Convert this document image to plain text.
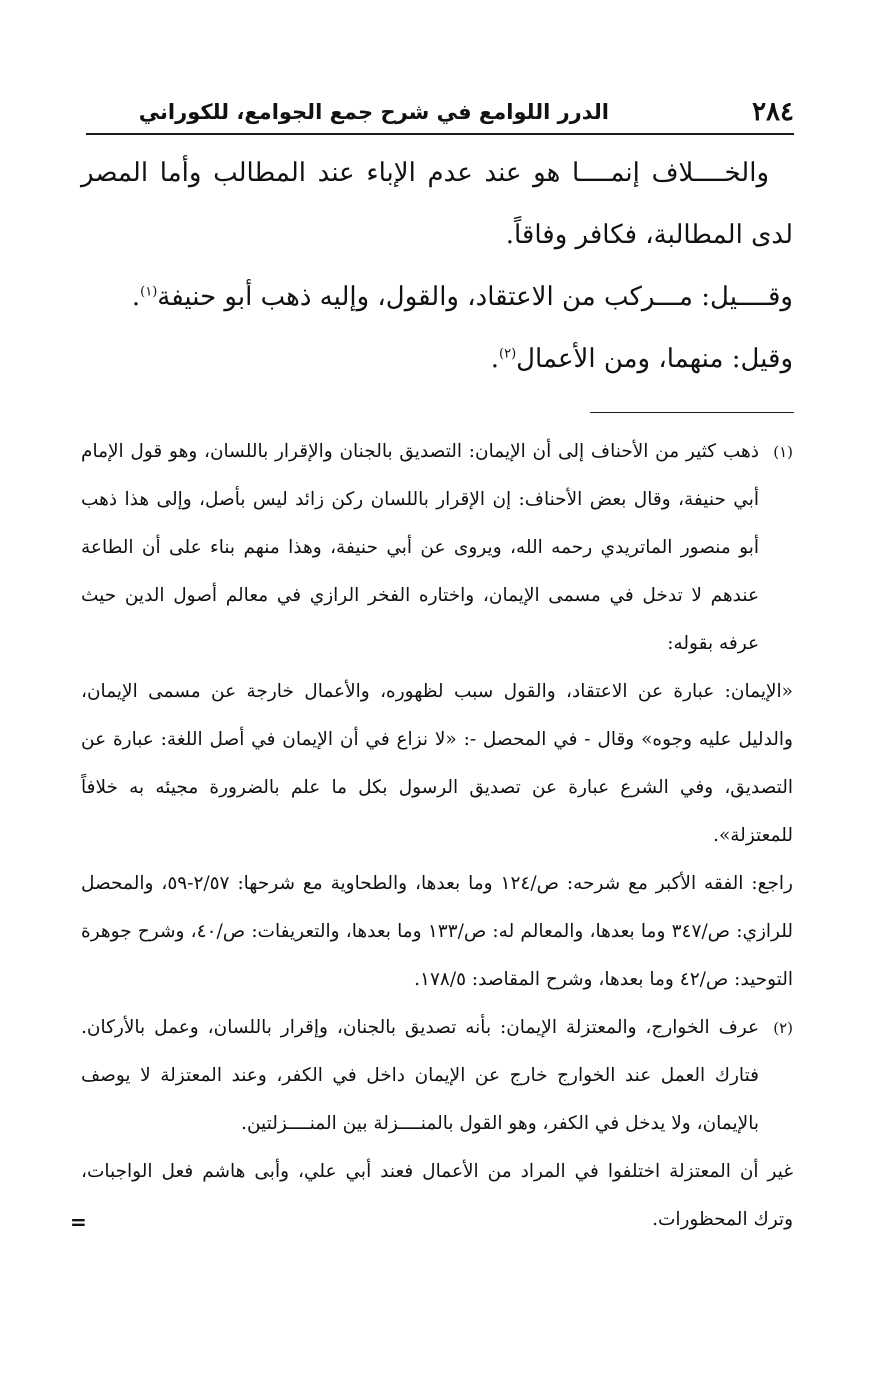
٢٨٤
الدرر اللوامع في شرح جمع الجوامع، للكوراني

والخــــلاف إنمــــا هو عند عدم الإباء عند المطالب وأما المصر لدى المطالبة، فكافر وفاقاً.

وقــــيل: مـــركب من الاعتقاد، والقول، وإليه ذهب أبو حنيفة$^{(١)}$.

وقيل: منهما، ومن الأعمال$^{(٢)}$.

(١)

ذهب كثير من الأحناف إلى أن الإيمان: التصديق بالجنان والإقرار باللسان، وهو قول الإمام أبي حنيفة، وقال بعض الأحناف: إن الإقرار باللسان ركن زائد ليس بأصل، وإلى هذا ذهب أبو منصور الماتريدي رحمه الله، ويروى عن أبي حنيفة، وهذا منهم بناء على أن الطاعة عندهم لا تدخل في مسمى الإيمان، واختاره الفخر الرازي في معالم أصول الدين حيث عرفه بقوله:

«الإيمان: عبارة عن الاعتقاد، والقول سبب لظهوره، والأعمال خارجة عن مسمى الإيمان، والدليل عليه وجوه» وقال - في المحصل -: «لا نزاع في أن الإيمان في أصل اللغة: عبارة عن التصديق، وفي الشرع عبارة عن تصديق الرسول بكل ما علم بالضرورة مجيئه به خلافاً للمعتزلة».

راجع: الفقه الأكبر مع شرحه: ص/١٢٤ وما بعدها، والطحاوية مع شرحها: ٢/٥٧-٥٩، والمحصل للرازي: ص/٣٤٧ وما بعدها، والمعالم له: ص/١٣٣ وما بعدها، والتعريفات: ص/٤٠، وشرح جوهرة التوحيد: ص/٤٢ وما بعدها، وشرح المقاصد: ١٧٨/٥.

(٢)

عرف الخوارج، والمعتزلة الإيمان: بأنه تصديق بالجنان، وإقرار باللسان، وعمل بالأركان. فتارك العمل عند الخوارج خارج عن الإيمان داخل في الكفر، وعند المعتزلة لا يوصف بالإيمان، ولا يدخل في الكفر، وهو القول بالمنــــزلة بين المنــــزلتين.

غير أن المعتزلة اختلفوا في المراد من الأعمال فعند أبي علي، وأبى هاشم فعل الواجبات، وترك المحظورات.

=
